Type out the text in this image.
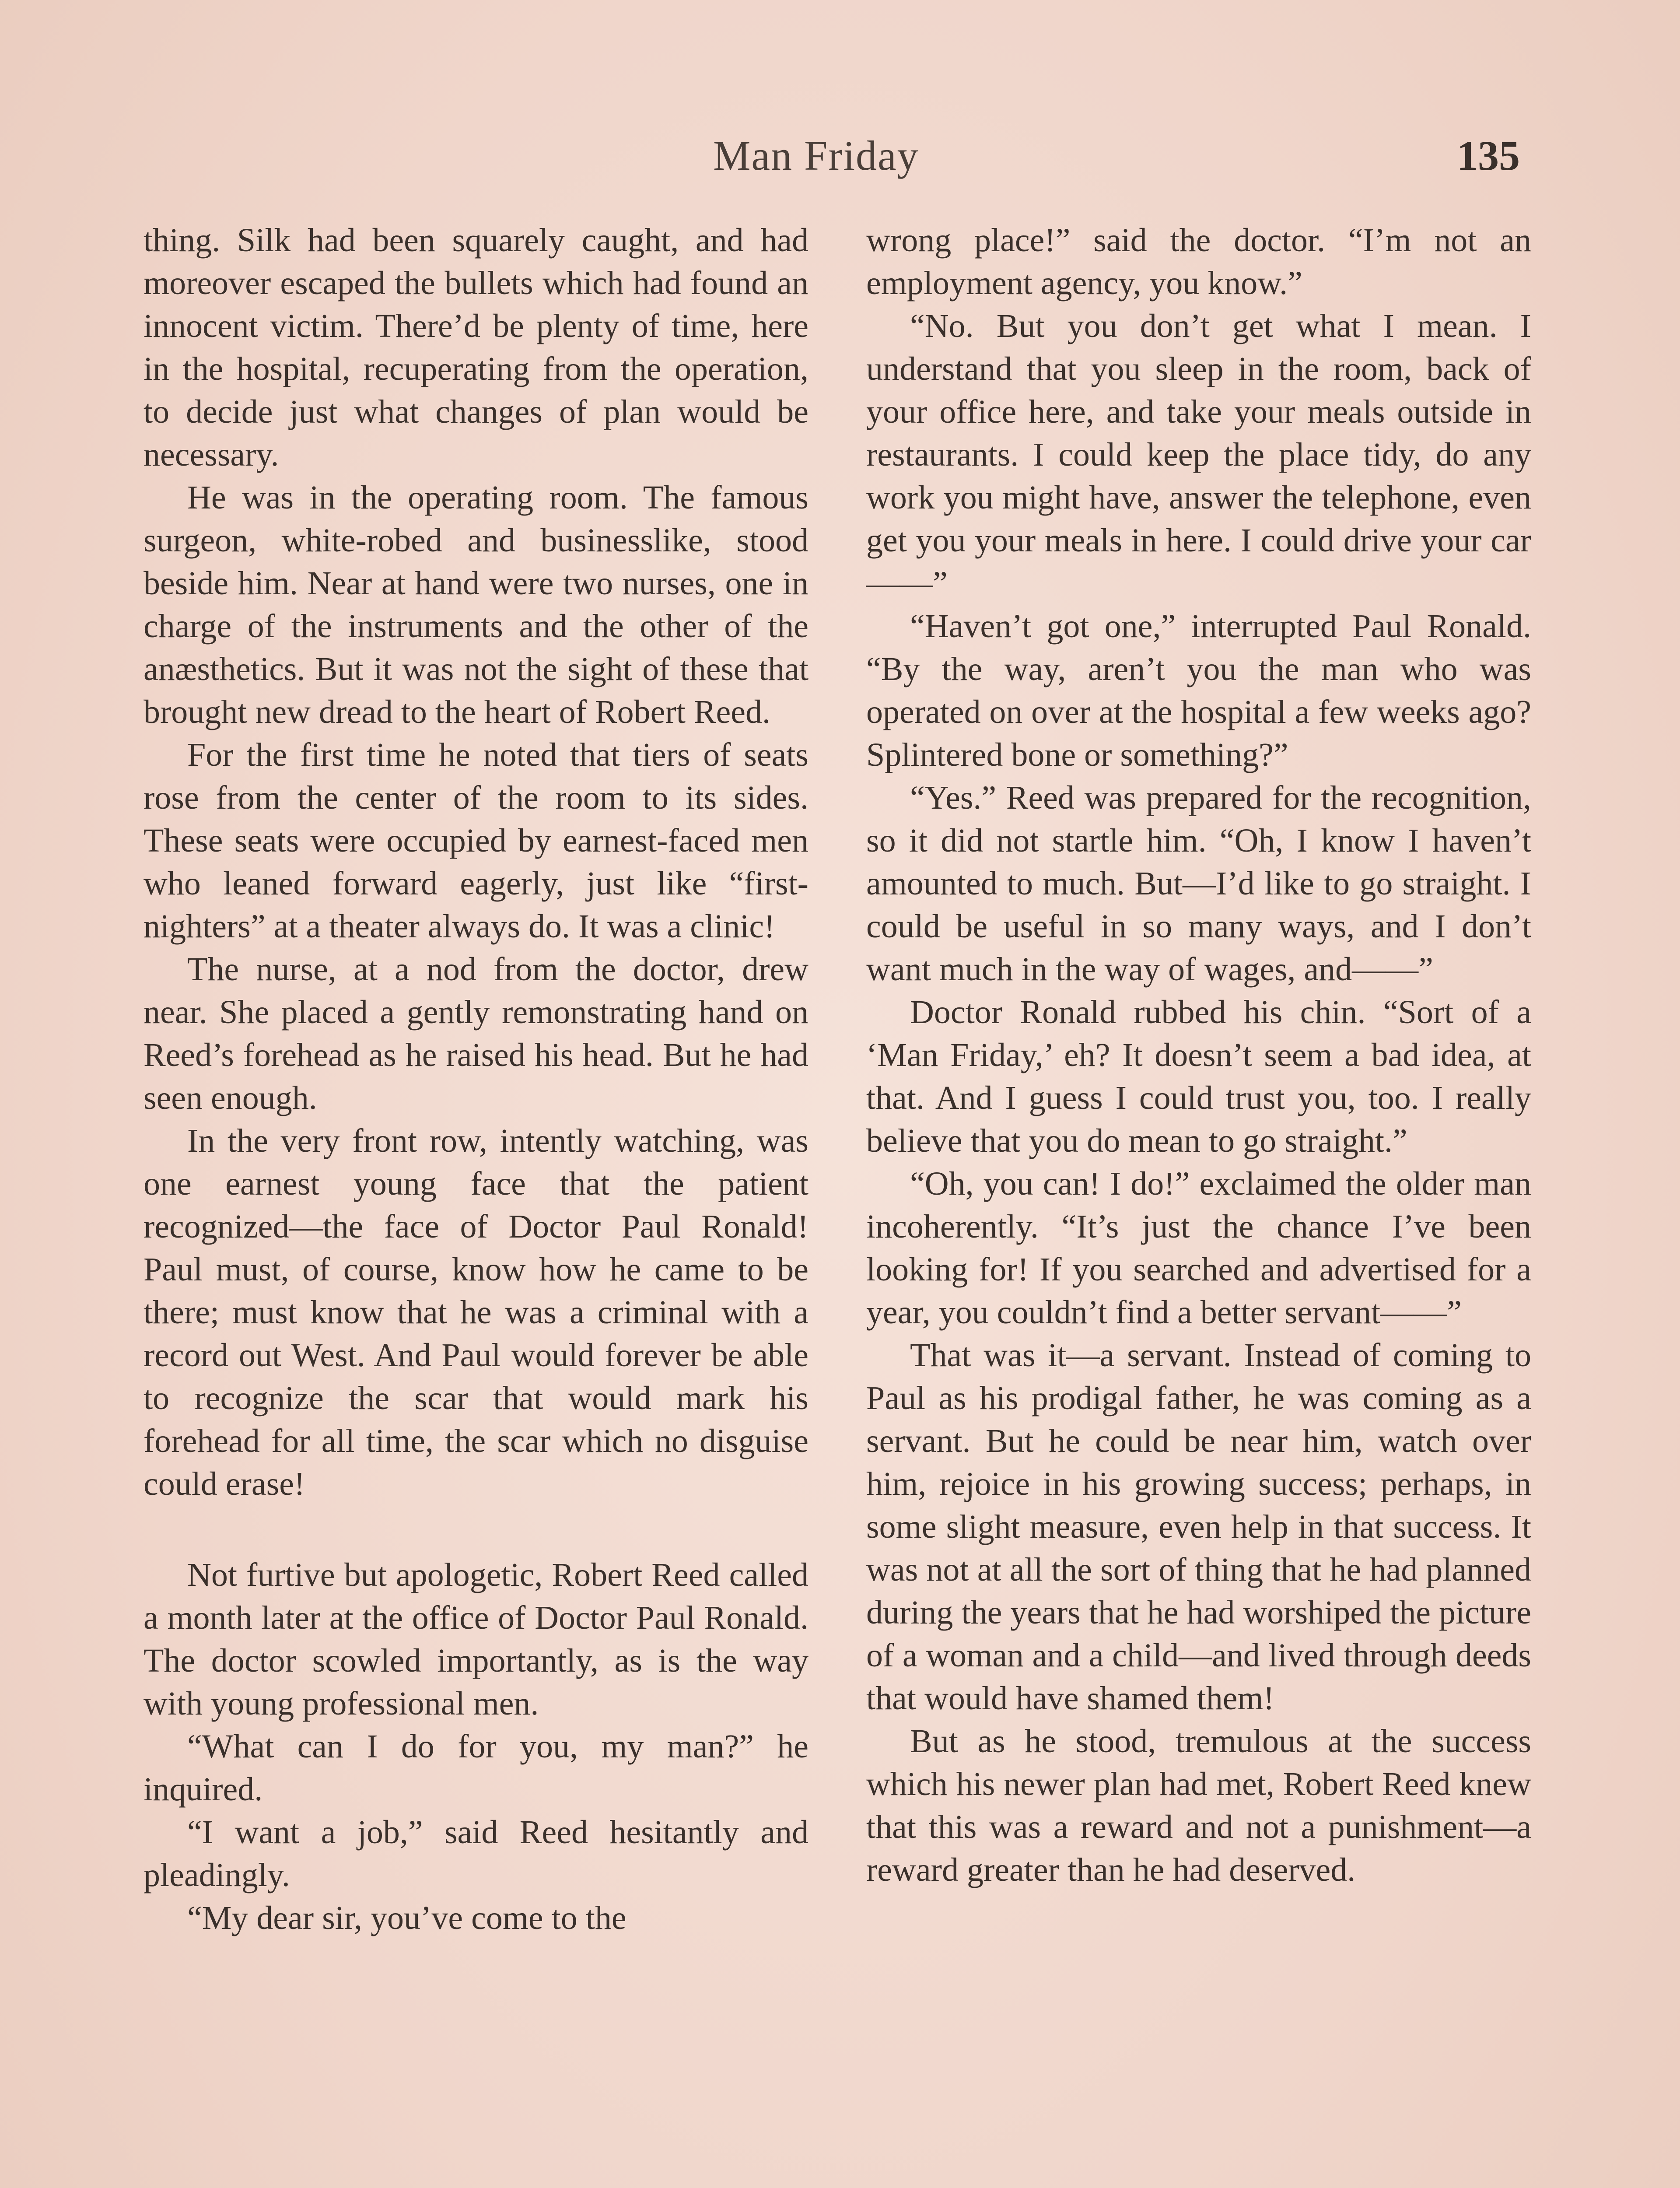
Man Friday	135

thing. Silk had been squarely caught, and had moreover escaped the bullets which had found an innocent victim. There’d be plenty of time, here in the hospital, recuperating from the operation, to decide just what changes of plan would be necessary.

He was in the operating room. The famous surgeon, white-robed and businesslike, stood beside him. Near at hand were two nurses, one in charge of the instruments and the other of the anæsthetics. But it was not the sight of these that brought new dread to the heart of Robert Reed.

For the first time he noted that tiers of seats rose from the center of the room to its sides. These seats were occupied by earnest-faced men who leaned forward eagerly, just like “first-nighters” at a theater always do. It was a clinic!

The nurse, at a nod from the doctor, drew near. She placed a gently remonstrating hand on Reed’s forehead as he raised his head. But he had seen enough.

In the very front row, intently watching, was one earnest young face that the patient recognized—the face of Doctor Paul Ronald! Paul must, of course, know how he came to be there; must know that he was a criminal with a record out West. And Paul would forever be able to recognize the scar that would mark his forehead for all time, the scar which no disguise could erase!

Not furtive but apologetic, Robert Reed called a month later at the office of Doctor Paul Ronald. The doctor scowled importantly, as is the way with young professional men.

“What can I do for you, my man?” he inquired.

“I want a job,” said Reed hesitantly and pleadingly.

“My dear sir, you’ve come to the

wrong place!” said the doctor. “I’m not an employment agency, you know.”

“No. But you don’t get what I mean. I understand that you sleep in the room, back of your office here, and take your meals outside in restaurants. I could keep the place tidy, do any work you might have, answer the telephone, even get you your meals in here. I could drive your car——”

“Haven’t got one,” interrupted Paul Ronald. “By the way, aren’t you the man who was operated on over at the hospital a few weeks ago? Splintered bone or something?”

“Yes.” Reed was prepared for the recognition, so it did not startle him. “Oh, I know I haven’t amounted to much. But—I’d like to go straight. I could be useful in so many ways, and I don’t want much in the way of wages, and——”

Doctor Ronald rubbed his chin. “Sort of a ‘Man Friday,’ eh? It doesn’t seem a bad idea, at that. And I guess I could trust you, too. I really believe that you do mean to go straight.”

“Oh, you can! I do!” exclaimed the older man incoherently. “It’s just the chance I’ve been looking for! If you searched and advertised for a year, you couldn’t find a better servant——”

That was it—a servant. Instead of coming to Paul as his prodigal father, he was coming as a servant. But he could be near him, watch over him, rejoice in his growing success; perhaps, in some slight measure, even help in that success. It was not at all the sort of thing that he had planned during the years that he had worshiped the picture of a woman and a child—and lived through deeds that would have shamed them!

But as he stood, tremulous at the success which his newer plan had met, Robert Reed knew that this was a reward and not a punishment—a reward greater than he had deserved.
